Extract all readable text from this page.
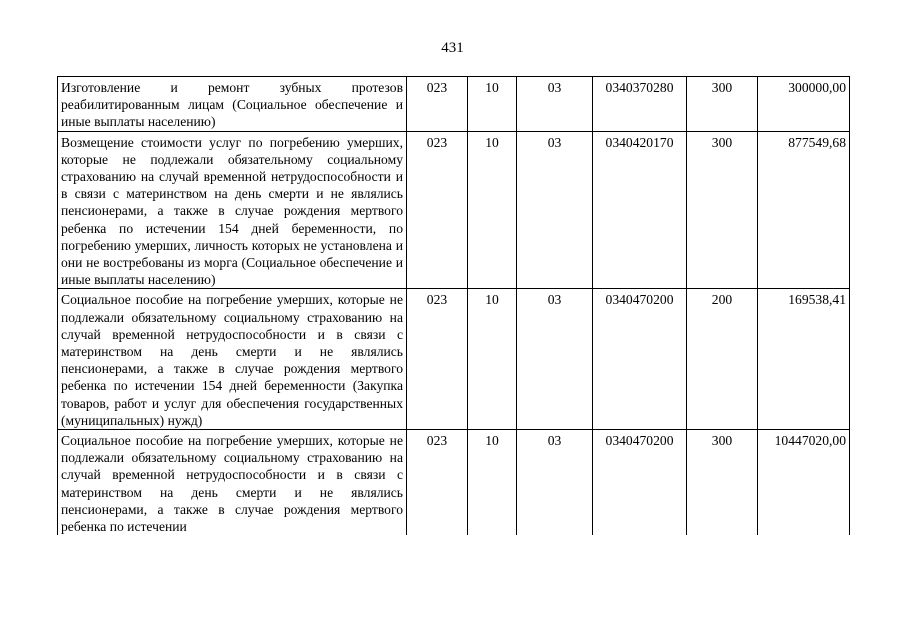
431
Изготовление и ремонт зубных протезов реабилитированным лицам (Социальное обеспечение и иные выплаты населению)	023	10	03	0340370280	300	300000,00
Возмещение стоимости услуг по погребению умерших, которые не подлежали обязательному социальному страхованию на случай временной нетрудоспособности и в связи с материнством на день смерти и не являлись пенсионерами, а также в случае рождения мертвого ребенка по истечении 154 дней беременности, по погребению умерших, личность которых не установлена и они не востребованы из морга (Социальное обеспечение и иные выплаты населению)	023	10	03	0340420170	300	877549,68
Социальное пособие на погребение умерших, которые не подлежали обязательному социальному страхованию на случай временной нетрудоспособности и в связи с материнством на день смерти и не являлись пенсионерами, а также в случае рождения мертвого ребенка по истечении 154 дней беременности (Закупка товаров, работ и услуг для обеспечения государственных (муниципальных) нужд)	023	10	03	0340470200	200	169538,41
Социальное пособие на погребение умерших, которые не подлежали обязательному социальному страхованию на случай временной нетрудоспособности и в связи с материнством на день смерти и не являлись пенсионерами, а также в случае рождения мертвого ребенка по истечении	023	10	03	0340470200	300	10447020,00
